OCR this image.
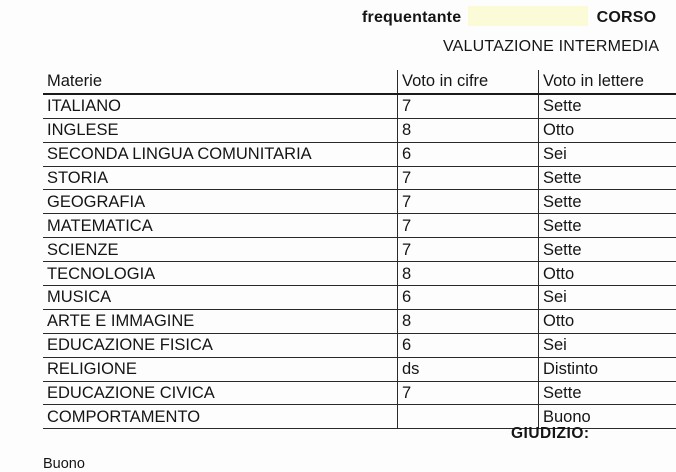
frequentante	CORSO
VALUTAZIONE INTERMEDIA
Materie	Voto in cifre	Voto in lettere
ITALIANO	7	Sette
INGLESE	8	Otto
SECONDA LINGUA COMUNITARIA	6	Sei
STORIA	7	Sette
GEOGRAFIA	7	Sette
MATEMATICA	7	Sette
SCIENZE	7	Sette
TECNOLOGIA	8	Otto
MUSICA	6	Sei
ARTE E IMMAGINE	8	Otto
EDUCAZIONE FISICA	6	Sei
RELIGIONE	ds	Distinto
EDUCAZIONE CIVICA	7	Sette
COMPORTAMENTO		Buono
GIUDIZIO:
Buono
